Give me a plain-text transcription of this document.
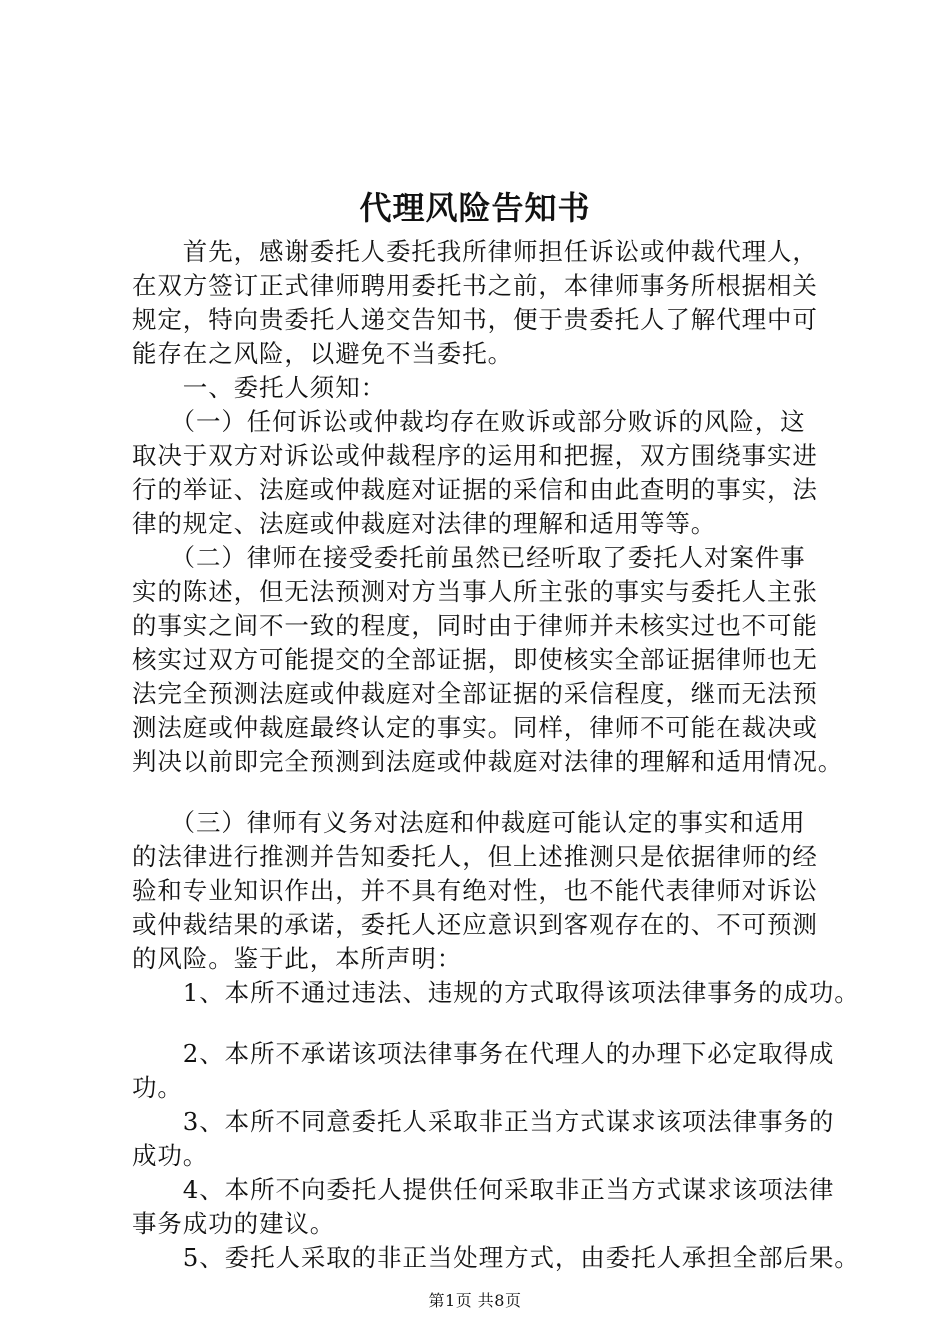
代理风险告知书
　　首先，感谢委托人委托我所律师担任诉讼或仲裁代理人，
在双方签订正式律师聘用委托书之前，本律师事务所根据相关
规定，特向贵委托人递交告知书，便于贵委托人了解代理中可
能存在之风险，以避免不当委托。
　　一、委托人须知：
　　（一）任何诉讼或仲裁均存在败诉或部分败诉的风险，这
取决于双方对诉讼或仲裁程序的运用和把握，双方围绕事实进
行的举证、法庭或仲裁庭对证据的采信和由此查明的事实，法
律的规定、法庭或仲裁庭对法律的理解和适用等等。
　　（二）律师在接受委托前虽然已经听取了委托人对案件事
实的陈述，但无法预测对方当事人所主张的事实与委托人主张
的事实之间不一致的程度，同时由于律师并未核实过也不可能
核实过双方可能提交的全部证据，即使核实全部证据律师也无
法完全预测法庭或仲裁庭对全部证据的采信程度，继而无法预
测法庭或仲裁庭最终认定的事实。同样，律师不可能在裁决或
判决以前即完全预测到法庭或仲裁庭对法律的理解和适用情况。
　　（三）律师有义务对法庭和仲裁庭可能认定的事实和适用
的法律进行推测并告知委托人，但上述推测只是依据律师的经
验和专业知识作出，并不具有绝对性，也不能代表律师对诉讼
或仲裁结果的承诺，委托人还应意识到客观存在的、不可预测
的风险。鉴于此，本所声明：
　　1、本所不通过违法、违规的方式取得该项法律事务的成功。
　　2、本所不承诺该项法律事务在代理人的办理下必定取得成
功。
　　3、本所不同意委托人采取非正当方式谋求该项法律事务的
成功。
　　4、本所不向委托人提供任何采取非正当方式谋求该项法律
事务成功的建议。
　　5、委托人采取的非正当处理方式，由委托人承担全部后果。
第1页 共8页
